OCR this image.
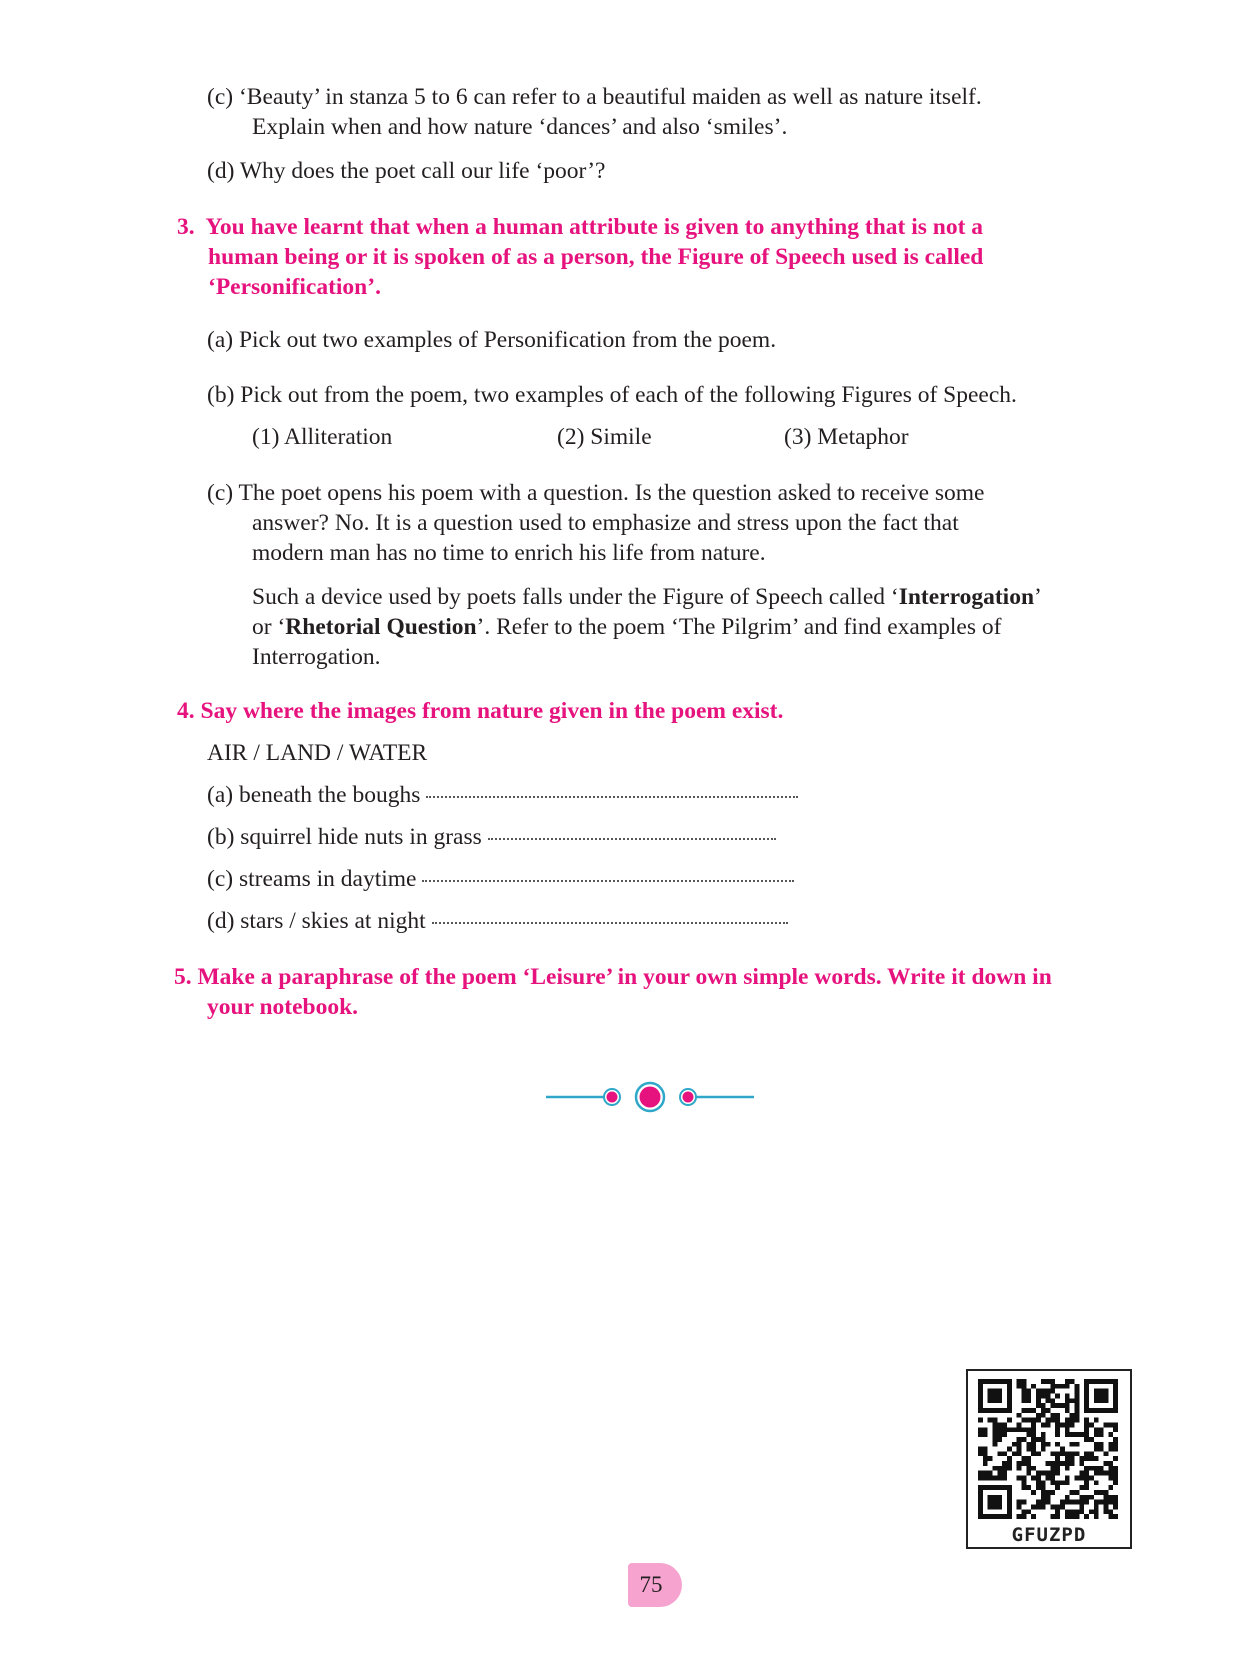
(c) ‘Beauty’ in stanza 5 to 6 can refer to a beautiful maiden as well as nature itself.

Explain when and how nature ‘dances’ and also ‘smiles’.

(d) Why does the poet call our life ‘poor’?

3. You have learnt that when a human attribute is given to anything that is not a
human being or it is spoken of as a person, the Figure of Speech used is called
‘Personification’.

(a) Pick out two examples of Personification from the poem.

(b) Pick out from the poem, two examples of each of the following Figures of Speech.

(1) Alliteration	(2) Simile	(3) Metaphor

(c) The poet opens his poem with a question. Is the question asked to receive some

answer? No. It is a question used to emphasize and stress upon the fact that

modern man has no time to enrich his life from nature.

Such a device used by poets falls under the Figure of Speech called ‘Interrogation’

or ‘Rhetorial Question’. Refer to the poem ‘The Pilgrim’ and find examples of

Interrogation.

4. Say where the images from nature given in the poem exist.

AIR / LAND / WATER

(a) beneath the boughs
(b) squirrel hide nuts in grass
(c) streams in daytime
(d) stars / skies at night
5. Make a paraphrase of the poem ‘Leisure’ in your own simple words. Write it down in
your notebook.
GFUZPD
75
